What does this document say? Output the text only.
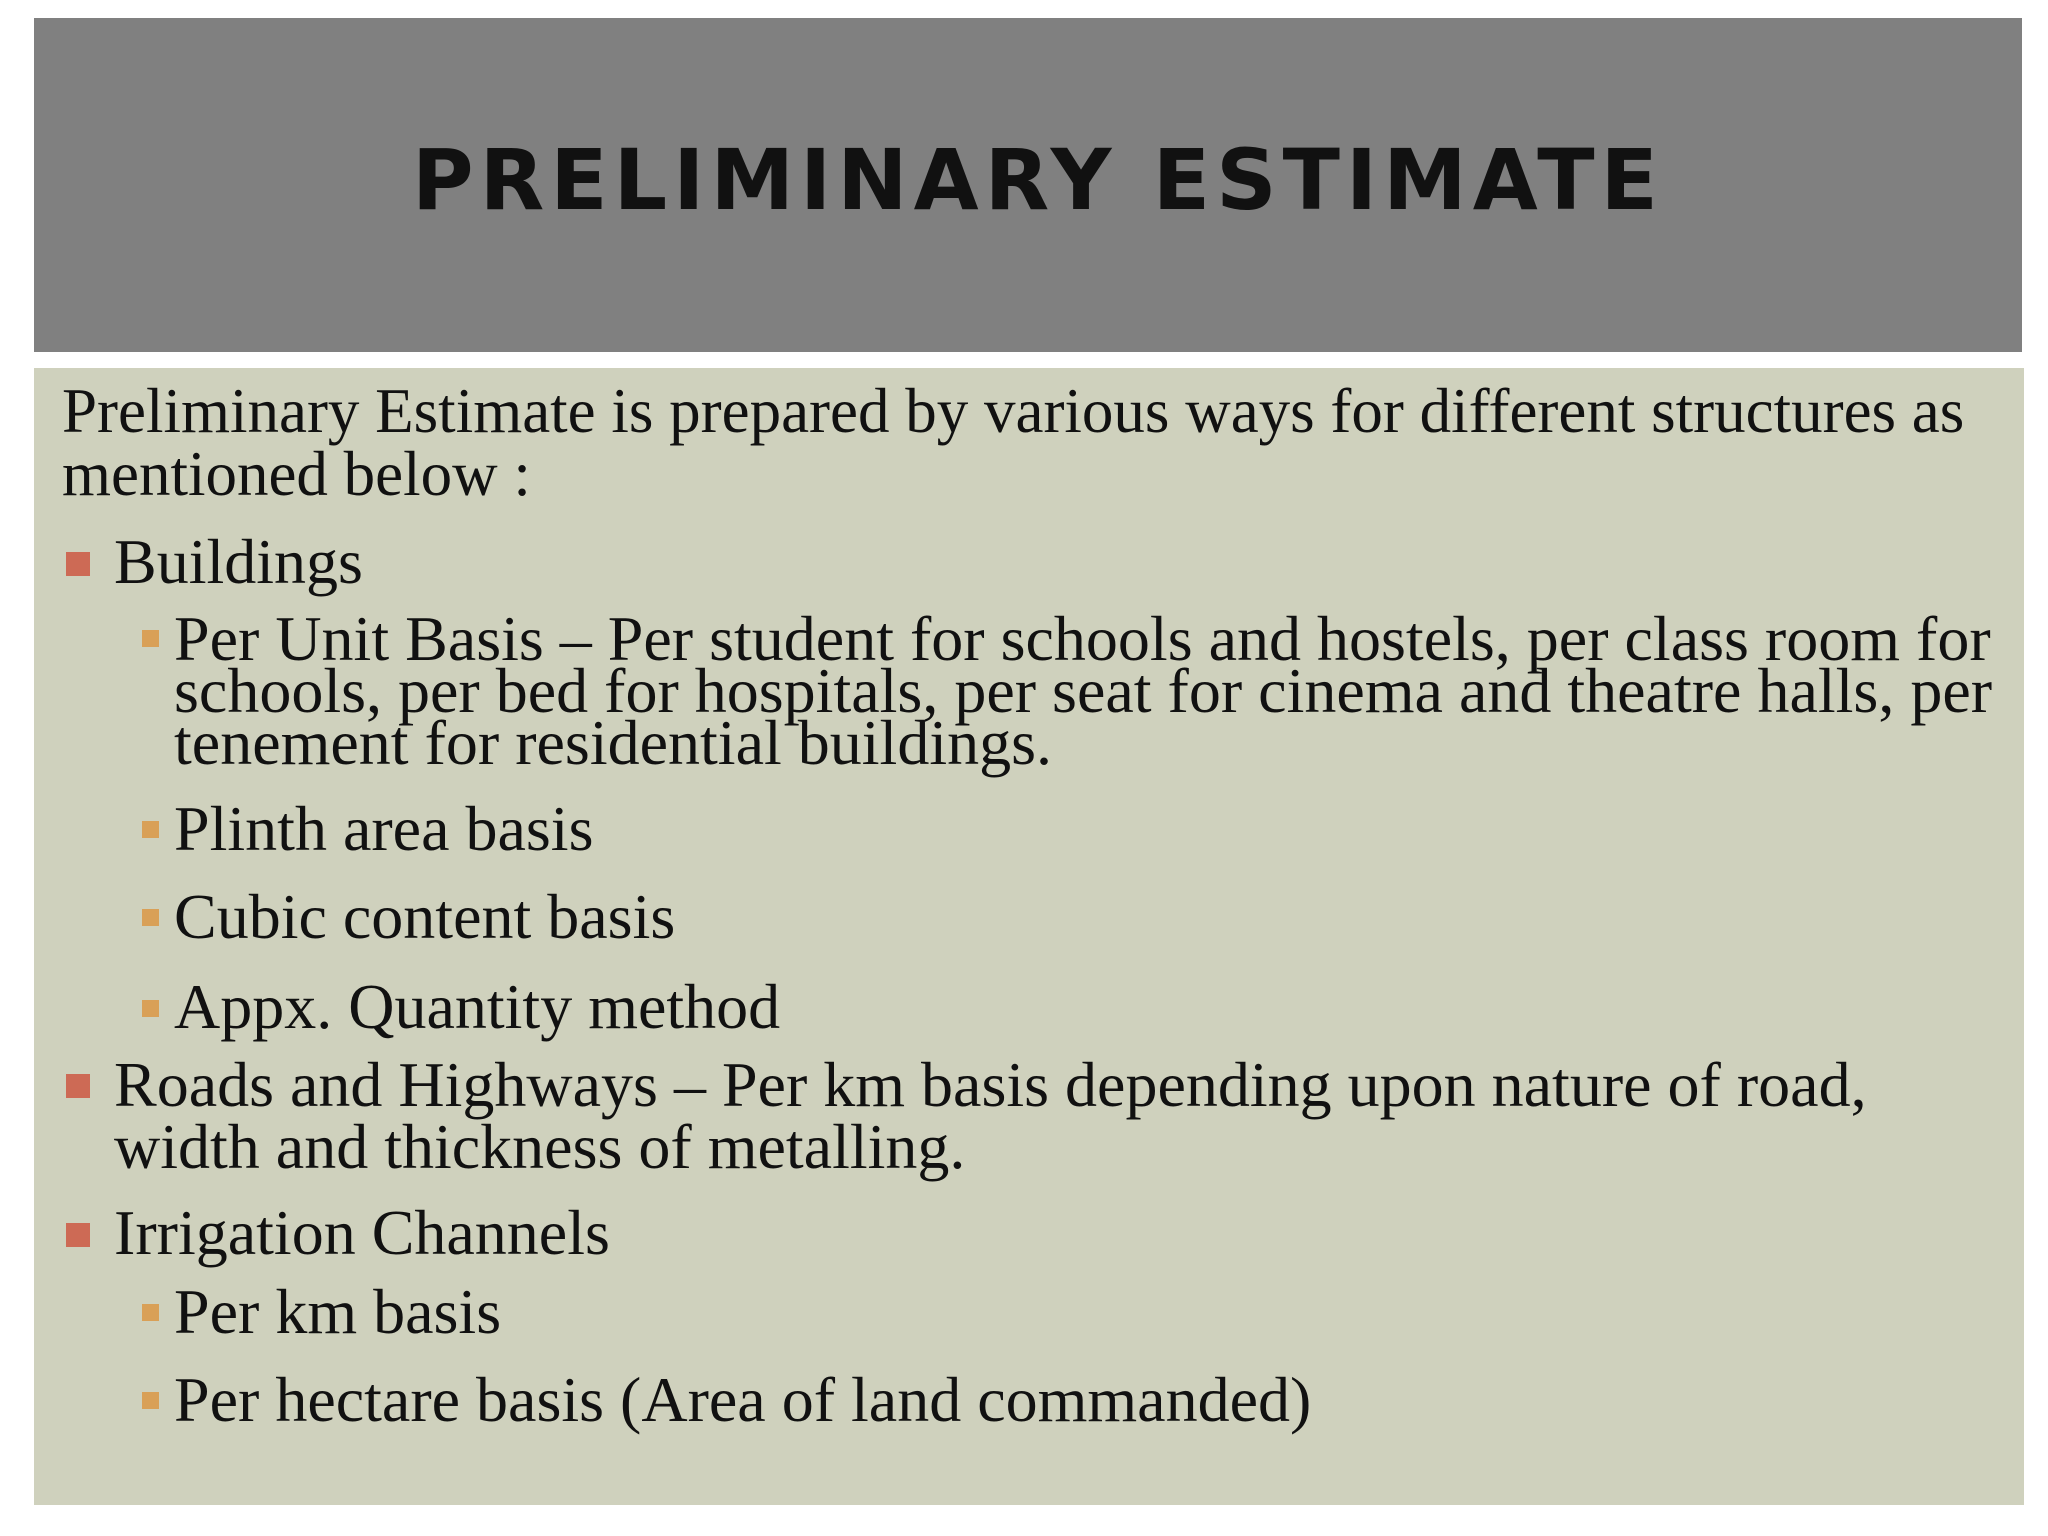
PRELIMINARY ESTIMATE

Preliminary Estimate is prepared by various ways for different structures as mentioned below :

Buildings

Per Unit Basis – Per student for schools and hostels, per class room for schools, per bed for hospitals, per seat for cinema and theatre halls, per tenement for residential buildings.

Plinth area basis

Cubic content basis

Appx. Quantity method

Roads and Highways – Per km basis depending upon nature of road, width and thickness of metalling.

Irrigation Channels

Per km basis

Per hectare basis (Area of land commanded)
